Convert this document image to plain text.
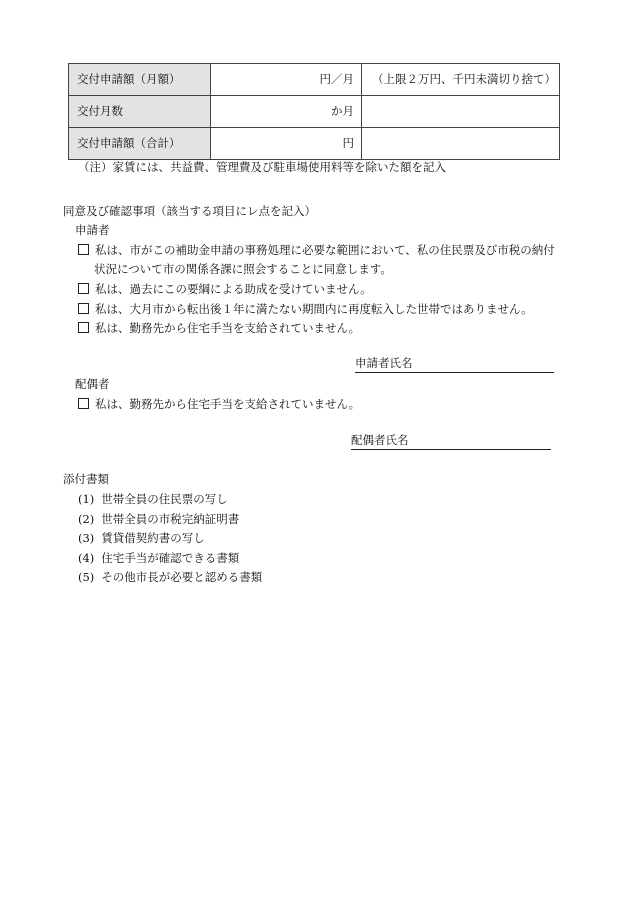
交付申請額（月額）	円／月	（上限２万円、千円未満切り捨て）
交付月数	か月	
交付申請額（合計）	円	
（注）家賃には、共益費、管理費及び駐車場使用料等を除いた額を記入
同意及び確認事項（該当する項目にレ点を記入）
申請者
私は、市がこの補助金申請の事務処理に必要な範囲において、私の住民票及び市税の納付
状況について市の関係各課に照会することに同意します。
私は、過去にこの要綱による助成を受けていません。
私は、大月市から転出後１年に満たない期間内に再度転入した世帯ではありません。
私は、勤務先から住宅手当を支給されていません。
申請者氏名
配偶者
私は、勤務先から住宅手当を支給されていません。
配偶者氏名
添付書類
(1) 世帯全員の住民票の写し
(2) 世帯全員の市税完納証明書
(3) 賃貸借契約書の写し
(4) 住宅手当が確認できる書類
(5) その他市長が必要と認める書類
